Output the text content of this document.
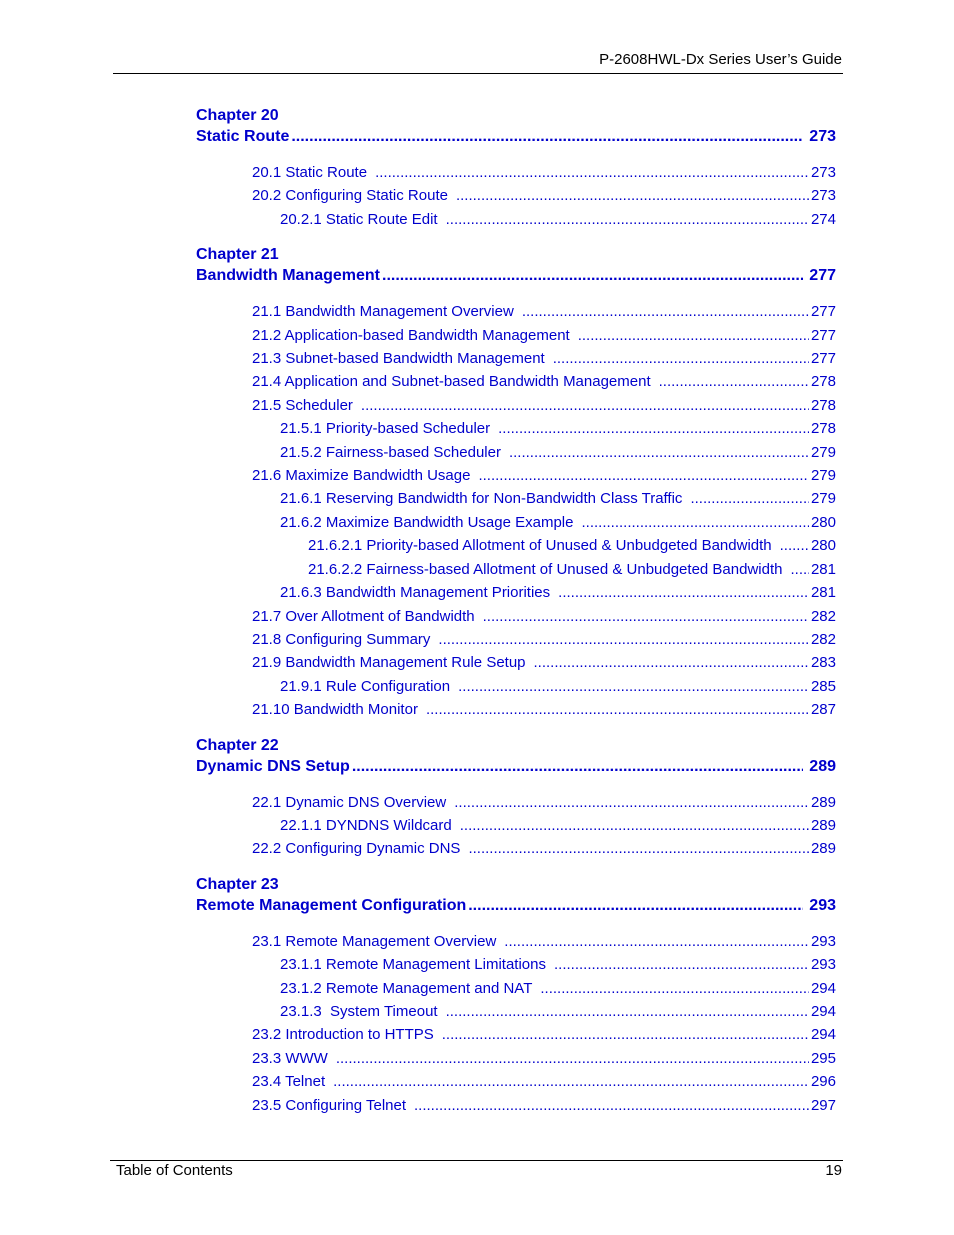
P-2608HWL-Dx Series User’s Guide
Chapter 20
Static Route .....	273
20.1 Static Route .....	273
20.2 Configuring Static Route .....	273
20.2.1 Static Route Edit .....	274
Chapter 21
Bandwidth Management .....	277
21.1 Bandwidth Management Overview .....	277
21.2 Application-based Bandwidth Management .....	277
21.3 Subnet-based Bandwidth Management .....	277
21.4 Application and Subnet-based Bandwidth Management .....	278
21.5 Scheduler .....	278
21.5.1 Priority-based Scheduler .....	278
21.5.2 Fairness-based Scheduler .....	279
21.6 Maximize Bandwidth Usage .....	279
21.6.1 Reserving Bandwidth for Non-Bandwidth Class Traffic .....	279
21.6.2 Maximize Bandwidth Usage Example .....	280
21.6.2.1 Priority-based Allotment of Unused & Unbudgeted Bandwidth .....	280
21.6.2.2 Fairness-based Allotment of Unused & Unbudgeted Bandwidth ..... 281
21.6.3 Bandwidth Management Priorities .....	281
21.7 Over Allotment of Bandwidth .....	282
21.8 Configuring Summary .....	282
21.9 Bandwidth Management Rule Setup .....	283
21.9.1 Rule Configuration .....	285
21.10 Bandwidth Monitor .....	287
Chapter 22
Dynamic DNS Setup .....	289
22.1 Dynamic DNS Overview .....	289
22.1.1 DYNDNS Wildcard .....	289
22.2 Configuring Dynamic DNS .....	289
Chapter 23
Remote Management Configuration .....	293
23.1 Remote Management Overview .....	293
23.1.1 Remote Management Limitations .....	293
23.1.2 Remote Management and NAT .....	294
23.1.3  System Timeout .....	294
23.2 Introduction to HTTPS .....	294
23.3 WWW .....	295
23.4 Telnet .....	296
23.5 Configuring Telnet .....	297
Table of Contents	19
